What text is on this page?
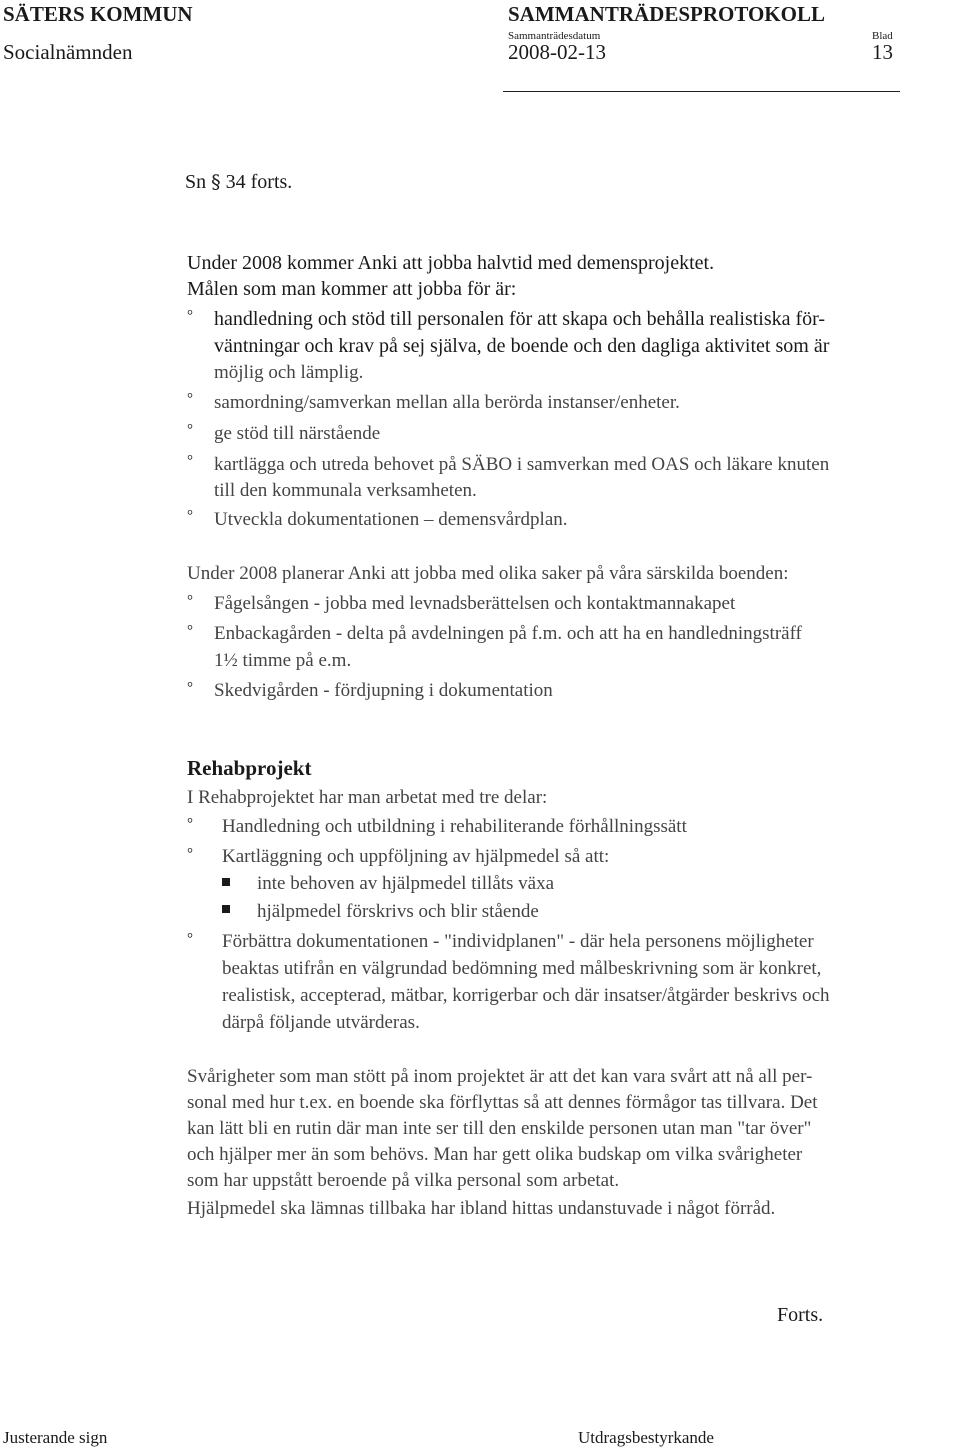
SÄTERS KOMMUN	SAMMANTRÄDESPROTOKOLL
Sammanträdesdatum	Blad
Socialnämnden	2008-02-13	13
Sn § 34 forts.
Under 2008 kommer Anki att jobba halvtid med demensprojektet.
Målen som man kommer att jobba för är:
° handledning och stöd till personalen för att skapa och behålla realistiska för-
väntningar och krav på sej själva, de boende och den dagliga aktivitet som är
möjlig och lämplig.
° samordning/samverkan mellan alla berörda instanser/enheter.
° ge stöd till närstående
° kartlägga och utreda behovet på SÄBO i samverkan med OAS och läkare knuten
till den kommunala verksamheten.
° Utveckla dokumentationen – demensvårdplan.
Under 2008 planerar Anki att jobba med olika saker på våra särskilda boenden:
° Fågelsången - jobba med levnadsberättelsen och kontaktmannakapet
° Enbackagården - delta på avdelningen på f.m. och att ha en handledningsträff
1½ timme på e.m.
° Skedvigården - fördjupning i dokumentation
Rehabprojekt
I Rehabprojektet har man arbetat med tre delar:
° Handledning och utbildning i rehabiliterande förhållningssätt
° Kartläggning och uppföljning av hjälpmedel så att:
inte behoven av hjälpmedel tillåts växa
hjälpmedel förskrivs och blir stående
° Förbättra dokumentationen - "individplanen" - där hela personens möjligheter
beaktas utifrån en välgrundad bedömning med målbeskrivning som är konkret,
realistisk, accepterad, mätbar, korrigerbar och där insatser/åtgärder beskrivs och
därpå följande utvärderas.
Svårigheter som man stött på inom projektet är att det kan vara svårt att nå all per-
sonal med hur t.ex. en boende ska förflyttas så att dennes förmågor tas tillvara. Det
kan lätt bli en rutin där man inte ser till den enskilde personen utan man "tar över"
och hjälper mer än som behövs. Man har gett olika budskap om vilka svårigheter
som har uppstått beroende på vilka personal som arbetat.
Hjälpmedel ska lämnas tillbaka har ibland hittas undanstuvade i något förråd.
Forts.
Justerande sign	Utdragsbestyrkande
